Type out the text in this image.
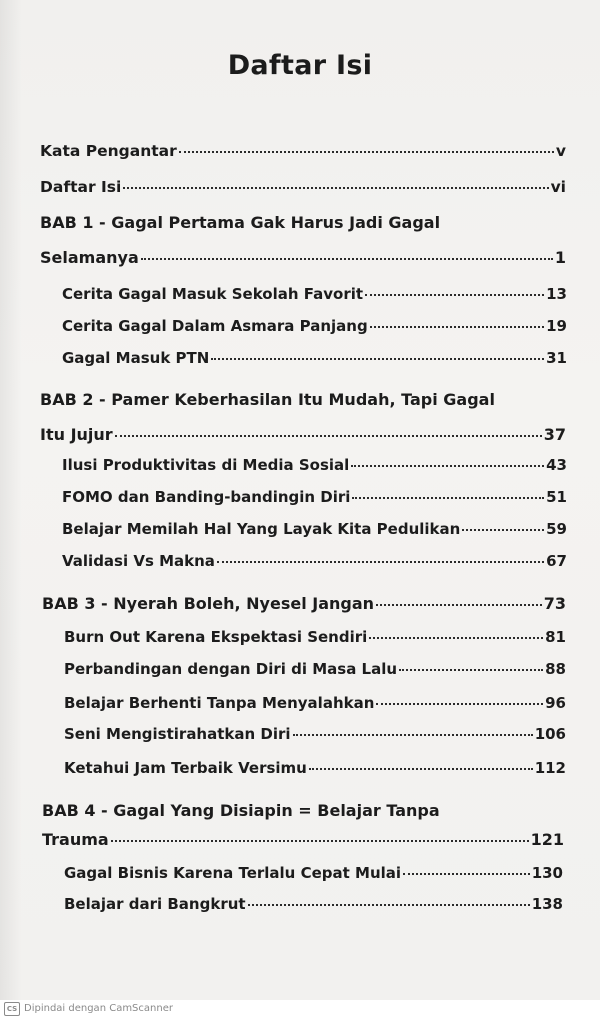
Daftar Isi
Kata Pengantar	v
Daftar Isi	vi
BAB 1 - Gagal Pertama Gak Harus Jadi Gagal
Selamanya	1
Cerita Gagal Masuk Sekolah Favorit	13
Cerita Gagal Dalam Asmara Panjang	19
Gagal Masuk PTN	31
BAB 2 - Pamer Keberhasilan Itu Mudah, Tapi Gagal
Itu Jujur	37
Ilusi Produktivitas di Media Sosial	43
FOMO dan Banding-bandingin Diri	51
Belajar Memilah Hal Yang Layak Kita Pedulikan	59
Validasi Vs Makna	67
BAB 3 - Nyerah Boleh, Nyesel Jangan	73
Burn Out Karena Ekspektasi Sendiri	81
Perbandingan dengan Diri di Masa Lalu	88
Belajar Berhenti Tanpa Menyalahkan	96
Seni Mengistirahatkan Diri	106
Ketahui Jam Terbaik Versimu	112
BAB 4 - Gagal Yang Disiapin = Belajar Tanpa
Trauma	121
Gagal Bisnis Karena Terlalu Cepat Mulai	130
Belajar dari Bangkrut	138
CS Dipindai dengan CamScanner
